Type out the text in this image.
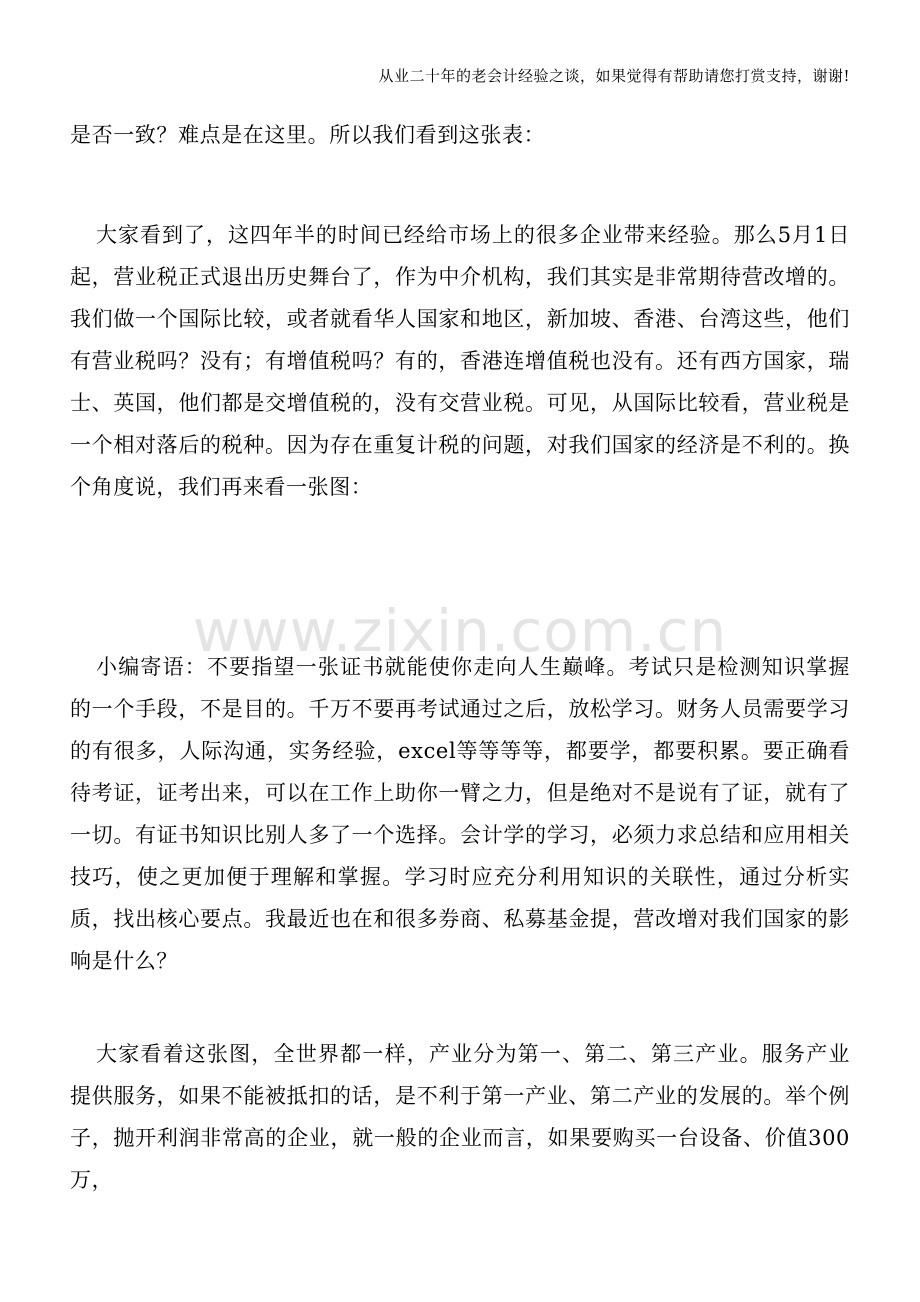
从业二十年的老会计经验之谈，如果觉得有帮助请您打赏支持，谢谢!
www.zixin.com.cn

是否一致？难点是在这里。所以我们看到这张表：

大家看到了，这四年半的时间已经给市场上的很多企业带来经验。那么5月1日起，营业税正式退出历史舞台了，作为中介机构，我们其实是非常期待营改增的。我们做一个国际比较，或者就看华人国家和地区，新加坡、香港、台湾这些，他们有营业税吗？没有；有增值税吗？有的，香港连增值税也没有。还有西方国家，瑞士、英国，他们都是交增值税的，没有交营业税。可见，从国际比较看，营业税是一个相对落后的税种。因为存在重复计税的问题，对我们国家的经济是不利的。换个角度说，我们再来看一张图：

小编寄语：不要指望一张证书就能使你走向人生巅峰。考试只是检测知识掌握的一个手段，不是目的。千万不要再考试通过之后，放松学习。财务人员需要学习的有很多，人际沟通，实务经验，excel等等等等，都要学，都要积累。要正确看待考证，证考出来，可以在工作上助你一臂之力，但是绝对不是说有了证，就有了一切。有证书知识比别人多了一个选择。会计学的学习，必须力求总结和应用相关技巧，使之更加便于理解和掌握。学习时应充分利用知识的关联性，通过分析实质，找出核心要点。我最近也在和很多券商、私募基金提，营改增对我们国家的影响是什么？

大家看着这张图，全世界都一样，产业分为第一、第二、第三产业。服务产业提供服务，如果不能被抵扣的话，是不利于第一产业、第二产业的发展的。举个例子，抛开利润非常高的企业，就一般的企业而言，如果要购买一台设备、价值300万，
